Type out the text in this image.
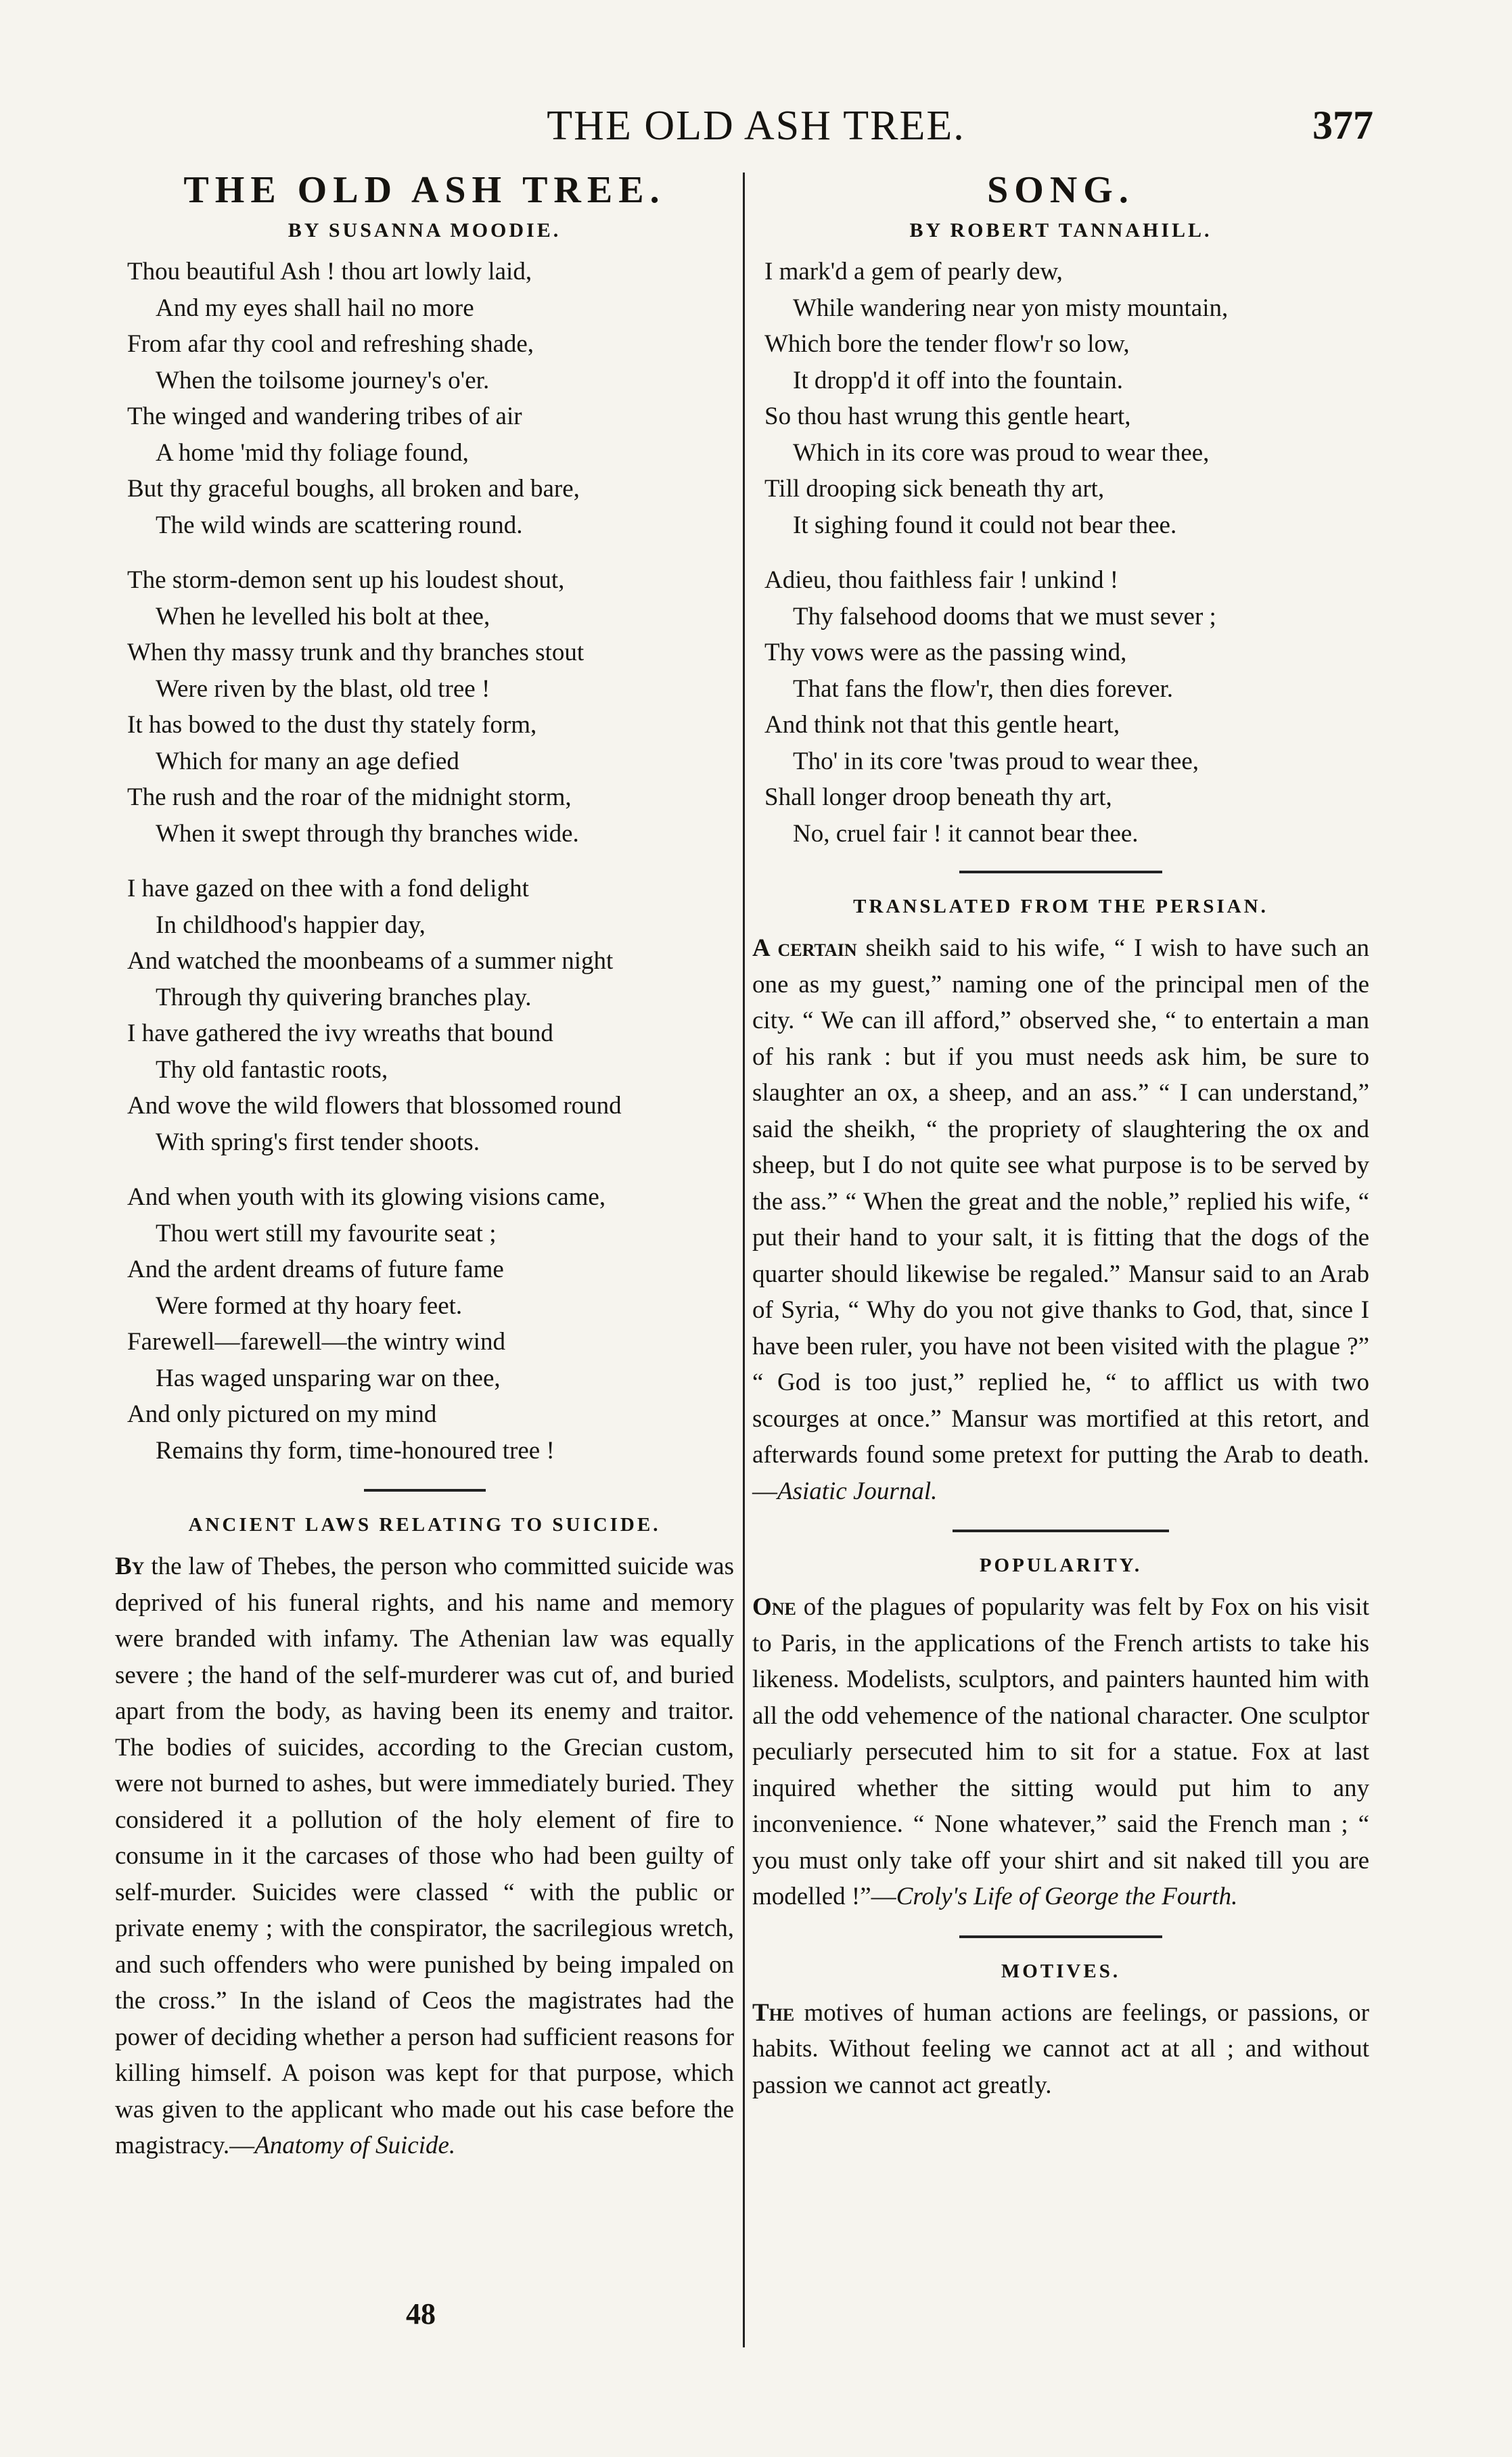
THE OLD ASH TREE.	377
THE OLD ASH TREE.
BY SUSANNA MOODIE.
Thou beautiful Ash ! thou art lowly laid,
And my eyes shall hail no more
From afar thy cool and refreshing shade,
When the toilsome journey's o'er.
The winged and wandering tribes of air
A home 'mid thy foliage found,
But thy graceful boughs, all broken and bare,
The wild winds are scattering round.
The storm-demon sent up his loudest shout,
When he levelled his bolt at thee,
When thy massy trunk and thy branches stout
Were riven by the blast, old tree !
It has bowed to the dust thy stately form,
Which for many an age defied
The rush and the roar of the midnight storm,
When it swept through thy branches wide.
I have gazed on thee with a fond delight
In childhood's happier day,
And watched the moonbeams of a summer night
Through thy quivering branches play.
I have gathered the ivy wreaths that bound
Thy old fantastic roots,
And wove the wild flowers that blossomed round
With spring's first tender shoots.
And when youth with its glowing visions came,
Thou wert still my favourite seat ;
And the ardent dreams of future fame
Were formed at thy hoary feet.
Farewell—farewell—the wintry wind
Has waged unsparing war on thee,
And only pictured on my mind
Remains thy form, time-honoured tree !
ANCIENT LAWS RELATING TO SUICIDE.

By the law of Thebes, the person who committed suicide was deprived of his funeral rights, and his name and memory were branded with infamy. The Athenian law was equally severe ; the hand of the self-murderer was cut of, and buried apart from the body, as having been its enemy and traitor. The bodies of suicides, according to the Grecian custom, were not burned to ashes, but were immediately buried. They considered it a pollution of the holy element of fire to consume in it the carcases of those who had been guilty of self-murder. Suicides were classed “ with the public or private enemy ; with the conspirator, the sacrilegious wretch, and such offenders who were punished by being impaled on the cross.” In the island of Ceos the magistrates had the power of deciding whether a person had sufficient reasons for killing himself. A poison was kept for that purpose, which was given to the applicant who made out his case before the magistracy.—Anatomy of Suicide.

48
SONG.
BY ROBERT TANNAHILL.
I mark'd a gem of pearly dew,
While wandering near yon misty mountain,
Which bore the tender flow'r so low,
It dropp'd it off into the fountain.
So thou hast wrung this gentle heart,
Which in its core was proud to wear thee,
Till drooping sick beneath thy art,
It sighing found it could not bear thee.
Adieu, thou faithless fair ! unkind !
Thy falsehood dooms that we must sever ;
Thy vows were as the passing wind,
That fans the flow'r, then dies forever.
And think not that this gentle heart,
Tho' in its core 'twas proud to wear thee,
Shall longer droop beneath thy art,
No, cruel fair ! it cannot bear thee.
TRANSLATED FROM THE PERSIAN.

A certain sheikh said to his wife, “ I wish to have such an one as my guest,” naming one of the principal men of the city. “ We can ill afford,” observed she, “ to entertain a man of his rank : but if you must needs ask him, be sure to slaughter an ox, a sheep, and an ass.” “ I can understand,” said the sheikh, “ the propriety of slaughtering the ox and sheep, but I do not quite see what purpose is to be served by the ass.” “ When the great and the noble,” replied his wife, “ put their hand to your salt, it is fitting that the dogs of the quarter should likewise be regaled.” Mansur said to an Arab of Syria, “ Why do you not give thanks to God, that, since I have been ruler, you have not been visited with the plague ?” “ God is too just,” replied he, “ to afflict us with two scourges at once.” Mansur was mortified at this retort, and afterwards found some pretext for putting the Arab to death.—Asiatic Journal.

POPULARITY.

One of the plagues of popularity was felt by Fox on his visit to Paris, in the applications of the French artists to take his likeness. Modelists, sculptors, and painters haunted him with all the odd vehemence of the national character. One sculptor peculiarly persecuted him to sit for a statue. Fox at last inquired whether the sitting would put him to any inconvenience. “ None whatever,” said the French man ; “ you must only take off your shirt and sit naked till you are modelled !”—Croly's Life of George the Fourth.

MOTIVES.

The motives of human actions are feelings, or passions, or habits. Without feeling we cannot act at all ; and without passion we cannot act greatly.
